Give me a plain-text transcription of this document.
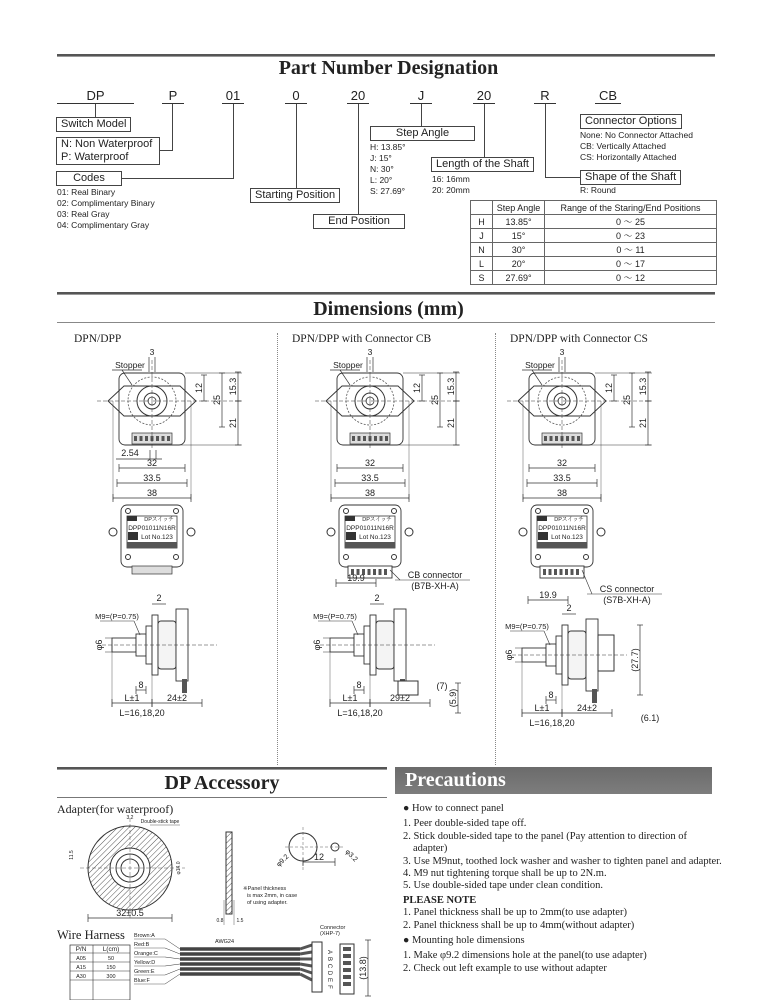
Part Number Designation
DP	P	01	0	20	J	20	R	CB
Switch Model
N: Non Waterproof
P: Waterproof
Codes
01: Real Binary
02: Complimentary Binary
03: Real Gray
04: Complimentary Gray
Starting Position
End Position
Step Angle
H: 13.85°
J: 15°
N: 30°
L: 20°
S: 27.69°
Length of the Shaft
16: 16mm
20: 20mm
Connector Options
None: No Connector Attached
CB: Vertically Attached
CS: Horizontally Attached
Shape of the Shaft
R: Round
	Step Angle	Range of the Staring/End Positions
H	13.85°	0 ～ 25
J	15°	0 ～ 23
N	30°	0 ～ 11
L	20°	0 ～ 17
S	27.69°	0 ～ 12
Dimensions (mm)
DPN/DPP	DPN/DPP with Connector CB	DPN/DPP with Connector CS
Stopper
3
12
25
15.3
21
2.54
32
33.5
38
DPスイッチ
DPP01011N16R
Lot No.123
2
M9=(P=0.75)
φ6
8
L±1	24±2
L=16,18,20
Stopper
3
12
25
15.3
21
32
33.5
38
DPスイッチ
DPP01011N16R
Lot No.123
19.9	CB connector
(B7B-XH-A)
2
M9=(P=0.75)
φ6
8
L±1	29±2
(7)
(5.9)
L=16,18,20
Stopper
3
12
25
15.3
21
32
33.5
38
DPスイッチ
DPP01011N16R
Lot No.123
19.9
CS connector
(S7B-XH-A)
2
M9=(P=0.75)
φ6
8
L±1	24±2
(27.7)
(6.1)
L=16,18,20
3.2
Double-stick tape
11.5
φ14.0
32±0.5
0.8	1.5
※Panel thickness
is max 2mm, in case
of using adapter.
12
φ9.2	φ3.2
P/N	L(cm)
A05	50
A15	150
A30	300
Brown:A
Red:B
Orange:C
Yellow:D
Green:E
Blue:F
AWG24
A
B
C
D
E
F
Connector
(XHP-7)
(13.8)
DP Accessory
Adapter(for waterproof)
Wire Harness
Precautions
● How to connect panel
1. Peer double-sided tape off.
2. Stick double-sided tape to the panel (Pay attention to direction of adapter)
3. Use M9nut, toothed lock washer and washer to tighten panel and adapter.
4. M9 nut tightening torque shall be up to 2N.m.
5. Use double-sided tape under clean condition.
PLEASE NOTE
1. Panel thickness shall be up to 2mm(to use adapter)
2. Panel thickness shall be up to 4mm(without adapter)
● Mounting hole dimensions
1. Make φ9.2 dimensions hole at the panel(to use adapter)
2. Check out left example to use without adapter
